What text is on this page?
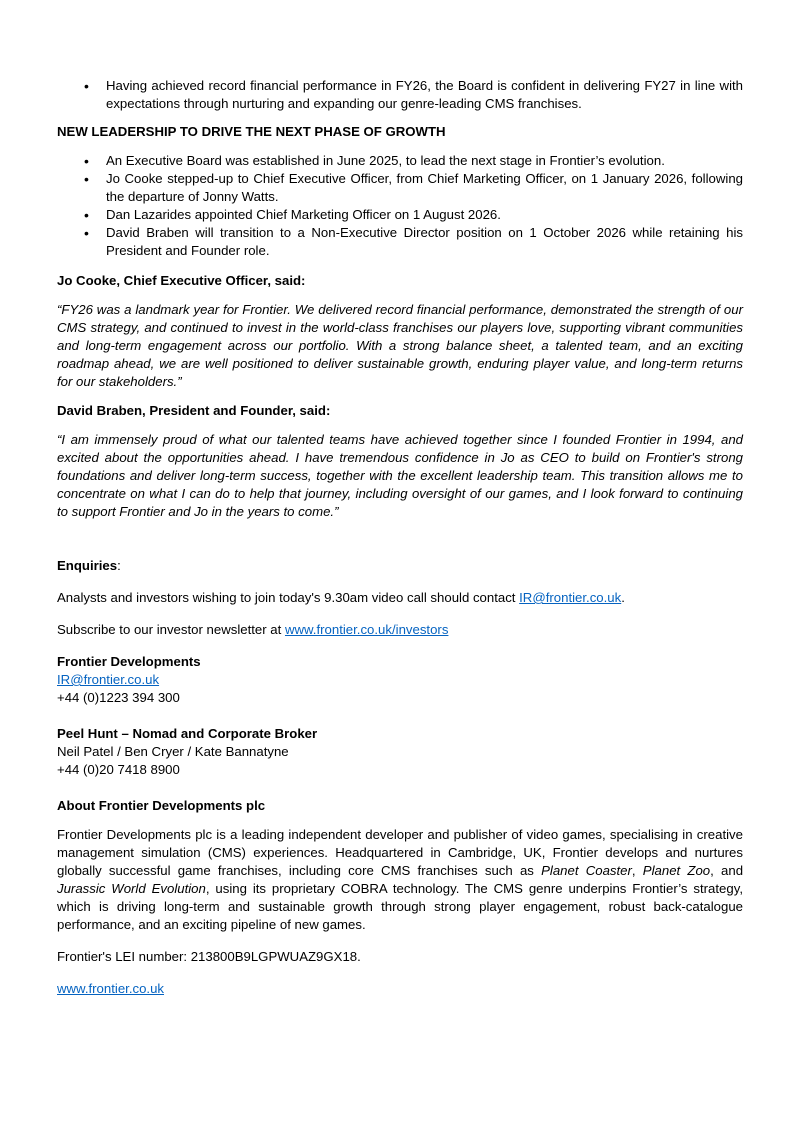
• Having achieved record financial performance in FY26, the Board is confident in delivering FY27 in line with expectations through nurturing and expanding our genre-leading CMS franchises.
NEW LEADERSHIP TO DRIVE THE NEXT PHASE OF GROWTH
• An Executive Board was established in June 2025, to lead the next stage in Frontier’s evolution.
• Jo Cooke stepped-up to Chief Executive Officer, from Chief Marketing Officer, on 1 January 2026, following the departure of Jonny Watts.
• Dan Lazarides appointed Chief Marketing Officer on 1 August 2026.
• David Braben will transition to a Non-Executive Director position on 1 October 2026 while retaining his President and Founder role.

Jo Cooke, Chief Executive Officer, said:

“FY26 was a landmark year for Frontier. We delivered record financial performance, demonstrated the strength of our CMS strategy, and continued to invest in the world-class franchises our players love, supporting vibrant communities and long-term engagement across our portfolio. With a strong balance sheet, a talented team, and an exciting roadmap ahead, we are well positioned to deliver sustainable growth, enduring player value, and long-term returns for our stakeholders.”

David Braben, President and Founder, said:

“I am immensely proud of what our talented teams have achieved together since I founded Frontier in 1994, and excited about the opportunities ahead. I have tremendous confidence in Jo as CEO to build on Frontier's strong foundations and deliver long-term success, together with the excellent leadership team. This transition allows me to concentrate on what I can do to help that journey, including oversight of our games, and I look forward to continuing to support Frontier and Jo in the years to come.”

Enquiries:

Analysts and investors wishing to join today's 9.30am video call should contact IR@frontier.co.uk.

Subscribe to our investor newsletter at www.frontier.co.uk/investors

Frontier Developments
IR@frontier.co.uk
+44 (0)1223 394 300
Peel Hunt – Nomad and Corporate Broker
Neil Patel / Ben Cryer / Kate Bannatyne
+44 (0)20 7418 8900

About Frontier Developments plc

Frontier Developments plc is a leading independent developer and publisher of video games, specialising in creative management simulation (CMS) experiences. Headquartered in Cambridge, UK, Frontier develops and nurtures globally successful game franchises, including core CMS franchises such as Planet Coaster, Planet Zoo, and Jurassic World Evolution, using its proprietary COBRA technology. The CMS genre underpins Frontier’s strategy, which is driving long-term and sustainable growth through strong player engagement, robust back-catalogue performance, and an exciting pipeline of new games.

Frontier's LEI number: 213800B9LGPWUAZ9GX18.

www.frontier.co.uk
